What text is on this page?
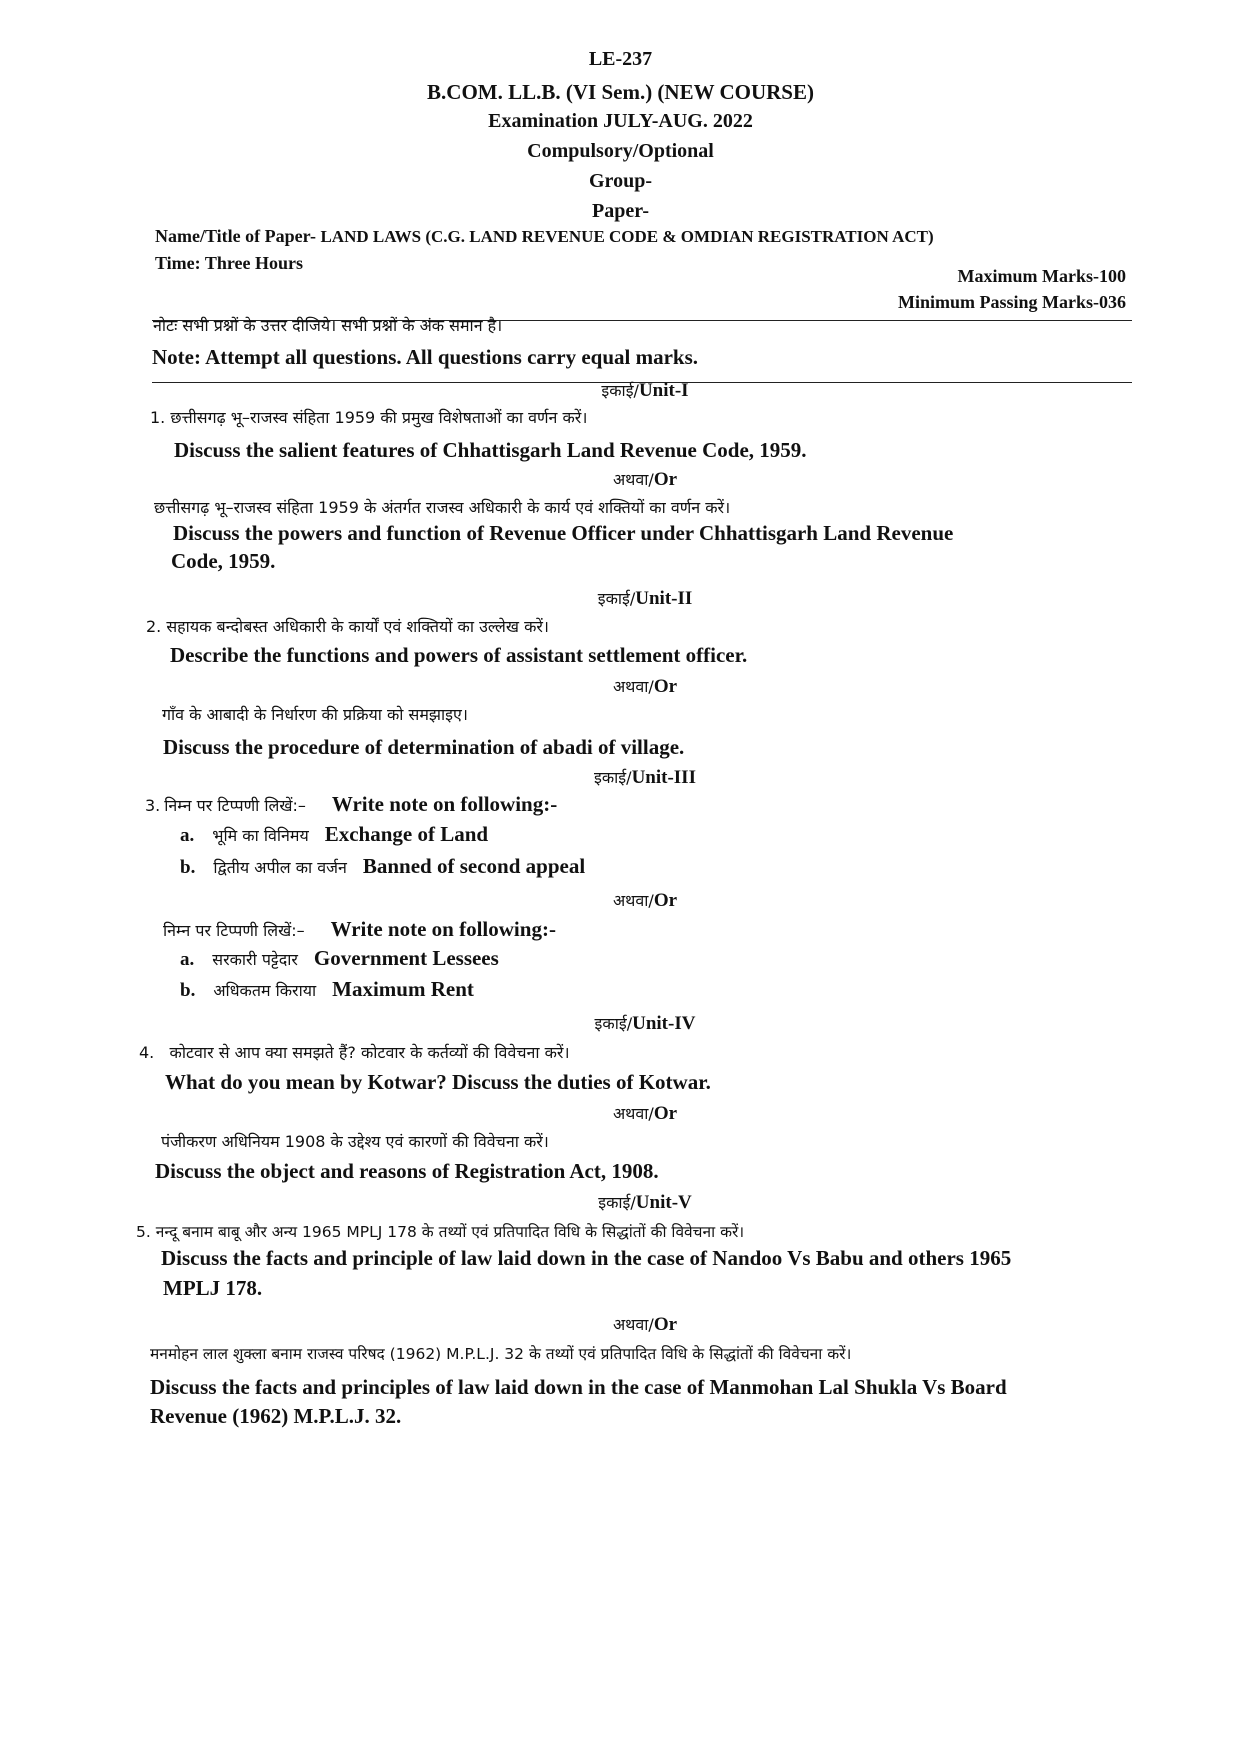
LE-237
B.COM. LL.B. (VI Sem.) (NEW COURSE)
Examination JULY-AUG. 2022
Compulsory/Optional
Group-
Paper-
Name/Title of Paper- LAND LAWS (C.G. LAND REVENUE CODE & OMDIAN REGISTRATION ACT)
Time: Three Hours
Maximum Marks-100
Minimum Passing Marks-036
नोटः सभी प्रश्नों के उत्तर दीजिये। सभी प्रश्नों के अंक समान है।
Note: Attempt all questions. All questions carry equal marks.
इकाई/Unit-I
1. छत्तीसगढ़ भू–राजस्व संहिता 1959 की प्रमुख विशेषताओं का वर्णन करें।
Discuss the salient features of Chhattisgarh Land Revenue Code, 1959.
अथवा/Or
छत्तीसगढ़ भू–राजस्व संहिता 1959 के अंतर्गत राजस्व अधिकारी के कार्य एवं शक्तियों का वर्णन करें।
Discuss the powers and function of Revenue Officer under Chhattisgarh Land Revenue
Code, 1959.
इकाई/Unit-II
2. सहायक बन्दोबस्त अधिकारी के कार्यों एवं शक्तियों का उल्लेख करें।
Describe the functions and powers of assistant settlement officer.
अथवा/Or
गाँव के आबादी के निर्धारण की प्रक्रिया को समझाइए।
Discuss the procedure of determination of abadi of village.
इकाई/Unit-III
3. निम्न पर टिप्पणी लिखें:– Write note on following:-
a. भूमि का विनिमय Exchange of Land
b. द्वितीय अपील का वर्जन Banned of second appeal
अथवा/Or
निम्न पर टिप्पणी लिखें:– Write note on following:-
a. सरकारी पट्टेदार Government Lessees
b. अधिकतम किराया Maximum Rent
इकाई/Unit-IV
4. कोटवार से आप क्या समझते हैं? कोटवार के कर्तव्यों की विवेचना करें।
What do you mean by Kotwar? Discuss the duties of Kotwar.
अथवा/Or
पंजीकरण अधिनियम 1908 के उद्देश्य एवं कारणों की विवेचना करें।
Discuss the object and reasons of Registration Act, 1908.
इकाई/Unit-V
5. नन्दू बनाम बाबू और अन्य 1965 MPLJ 178 के तथ्यों एवं प्रतिपादित विधि के सिद्धांतों की विवेचना करें।
Discuss the facts and principle of law laid down in the case of Nandoo Vs Babu and others 1965
MPLJ 178.
अथवा/Or
मनमोहन लाल शुक्ला बनाम राजस्व परिषद (1962) M.P.L.J. 32 के तथ्यों एवं प्रतिपादित विधि के सिद्धांतों की विवेचना करें।
Discuss the facts and principles of law laid down in the case of Manmohan Lal Shukla Vs Board
Revenue (1962) M.P.L.J. 32.
